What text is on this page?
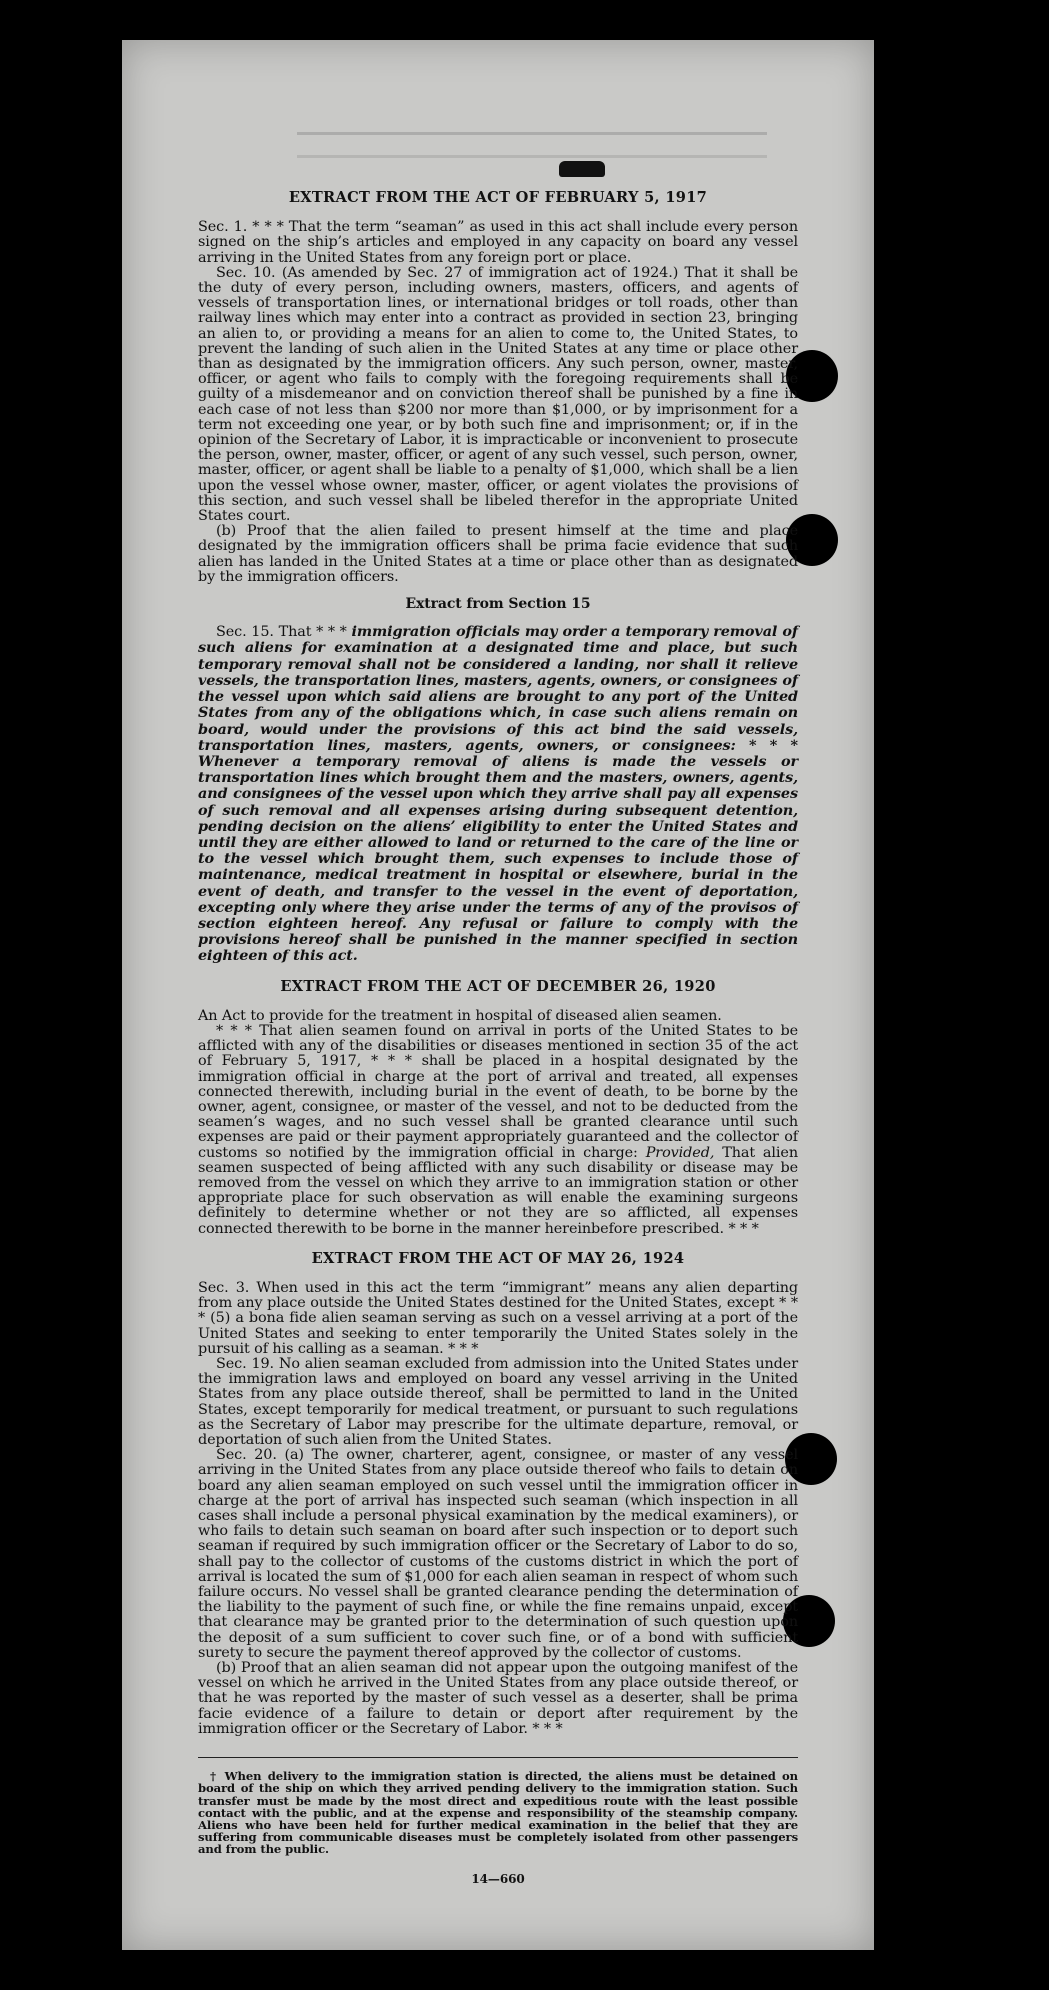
EXTRACT FROM THE ACT OF FEBRUARY 5, 1917

Sec. 1. * * * That the term “seaman” as used in this act shall include every person signed on the ship’s articles and employed in any capacity on board any vessel arriving in the United States from any foreign port or place.

Sec. 10. (As amended by Sec. 27 of immigration act of 1924.) That it shall be the duty of every person, including owners, masters, officers, and agents of vessels of transportation lines, or international bridges or toll roads, other than railway lines which may enter into a contract as provided in section 23, bringing an alien to, or providing a means for an alien to come to, the United States, to prevent the landing of such alien in the United States at any time or place other than as designated by the immigration officers. Any such person, owner, master, officer, or agent who fails to comply with the foregoing requirements shall be guilty of a misdemeanor and on conviction thereof shall be punished by a fine in each case of not less than $200 nor more than $1,000, or by imprisonment for a term not exceeding one year, or by both such fine and imprisonment; or, if in the opinion of the Secretary of Labor, it is impracticable or inconvenient to prosecute the person, owner, master, officer, or agent of any such vessel, such person, owner, master, officer, or agent shall be liable to a penalty of $1,000, which shall be a lien upon the vessel whose owner, master, officer, or agent violates the provisions of this section, and such vessel shall be libeled therefor in the appropriate United States court.

(b) Proof that the alien failed to present himself at the time and place designated by the immigration officers shall be prima facie evidence that such alien has landed in the United States at a time or place other than as designated by the immigration officers.

Extract from Section 15

Sec. 15. That * * * immigration officials may order a temporary removal of such aliens for examination at a designated time and place, but such temporary removal shall not be considered a landing, nor shall it relieve vessels, the transportation lines, masters, agents, owners, or consignees of the vessel upon which said aliens are brought to any port of the United States from any of the obligations which, in case such aliens remain on board, would under the provisions of this act bind the said vessels, transportation lines, masters, agents, owners, or consignees: * * * Whenever a temporary removal of aliens is made the vessels or transportation lines which brought them and the masters, owners, agents, and consignees of the vessel upon which they arrive shall pay all expenses of such removal and all expenses arising during subsequent detention, pending decision on the aliens’ eligibility to enter the United States and until they are either allowed to land or returned to the care of the line or to the vessel which brought them, such expenses to include those of maintenance, medical treatment in hospital or elsewhere, burial in the event of death, and transfer to the vessel in the event of deportation, excepting only where they arise under the terms of any of the provisos of section eighteen hereof. Any refusal or failure to comply with the provisions hereof shall be punished in the manner specified in section eighteen of this act.

EXTRACT FROM THE ACT OF DECEMBER 26, 1920

An Act to provide for the treatment in hospital of diseased alien seamen.

* * * That alien seamen found on arrival in ports of the United States to be afflicted with any of the disabilities or diseases mentioned in section 35 of the act of February 5, 1917, * * * shall be placed in a hospital designated by the immigration official in charge at the port of arrival and treated, all expenses connected therewith, including burial in the event of death, to be borne by the owner, agent, consignee, or master of the vessel, and not to be deducted from the seamen’s wages, and no such vessel shall be granted clearance until such expenses are paid or their payment appropriately guaranteed and the collector of customs so notified by the immigration official in charge: Provided, That alien seamen suspected of being afflicted with any such disability or disease may be removed from the vessel on which they arrive to an immigration station or other appropriate place for such observation as will enable the examining surgeons definitely to determine whether or not they are so afflicted, all expenses connected therewith to be borne in the manner hereinbefore prescribed. * * *

EXTRACT FROM THE ACT OF MAY 26, 1924

Sec. 3. When used in this act the term “immigrant” means any alien departing from any place outside the United States destined for the United States, except * * * (5) a bona fide alien seaman serving as such on a vessel arriving at a port of the United States and seeking to enter temporarily the United States solely in the pursuit of his calling as a seaman. * * *

Sec. 19. No alien seaman excluded from admission into the United States under the immigration laws and employed on board any vessel arriving in the United States from any place outside thereof, shall be permitted to land in the United States, except temporarily for medical treatment, or pursuant to such regulations as the Secretary of Labor may prescribe for the ultimate departure, removal, or deportation of such alien from the United States.

Sec. 20. (a) The owner, charterer, agent, consignee, or master of any vessel arriving in the United States from any place outside thereof who fails to detain on board any alien seaman employed on such vessel until the immigration officer in charge at the port of arrival has inspected such seaman (which inspection in all cases shall include a personal physical examination by the medical examiners), or who fails to detain such seaman on board after such inspection or to deport such seaman if required by such immigration officer or the Secretary of Labor to do so, shall pay to the collector of customs of the customs district in which the port of arrival is located the sum of $1,000 for each alien seaman in respect of whom such failure occurs. No vessel shall be granted clearance pending the determination of the liability to the payment of such fine, or while the fine remains unpaid, except that clearance may be granted prior to the determination of such question upon the deposit of a sum sufficient to cover such fine, or of a bond with sufficient surety to secure the payment thereof approved by the collector of customs.

(b) Proof that an alien seaman did not appear upon the outgoing manifest of the vessel on which he arrived in the United States from any place outside thereof, or that he was reported by the master of such vessel as a deserter, shall be prima facie evidence of a failure to detain or deport after requirement by the immigration officer or the Secretary of Labor. * * *

† When delivery to the immigration station is directed, the aliens must be detained on board of the ship on which they arrived pending delivery to the immigration station. Such transfer must be made by the most direct and expeditious route with the least possible contact with the public, and at the expense and responsibility of the steamship company. Aliens who have been held for further medical examination in the belief that they are suffering from communicable diseases must be completely isolated from other passengers and from the public.
14—660
